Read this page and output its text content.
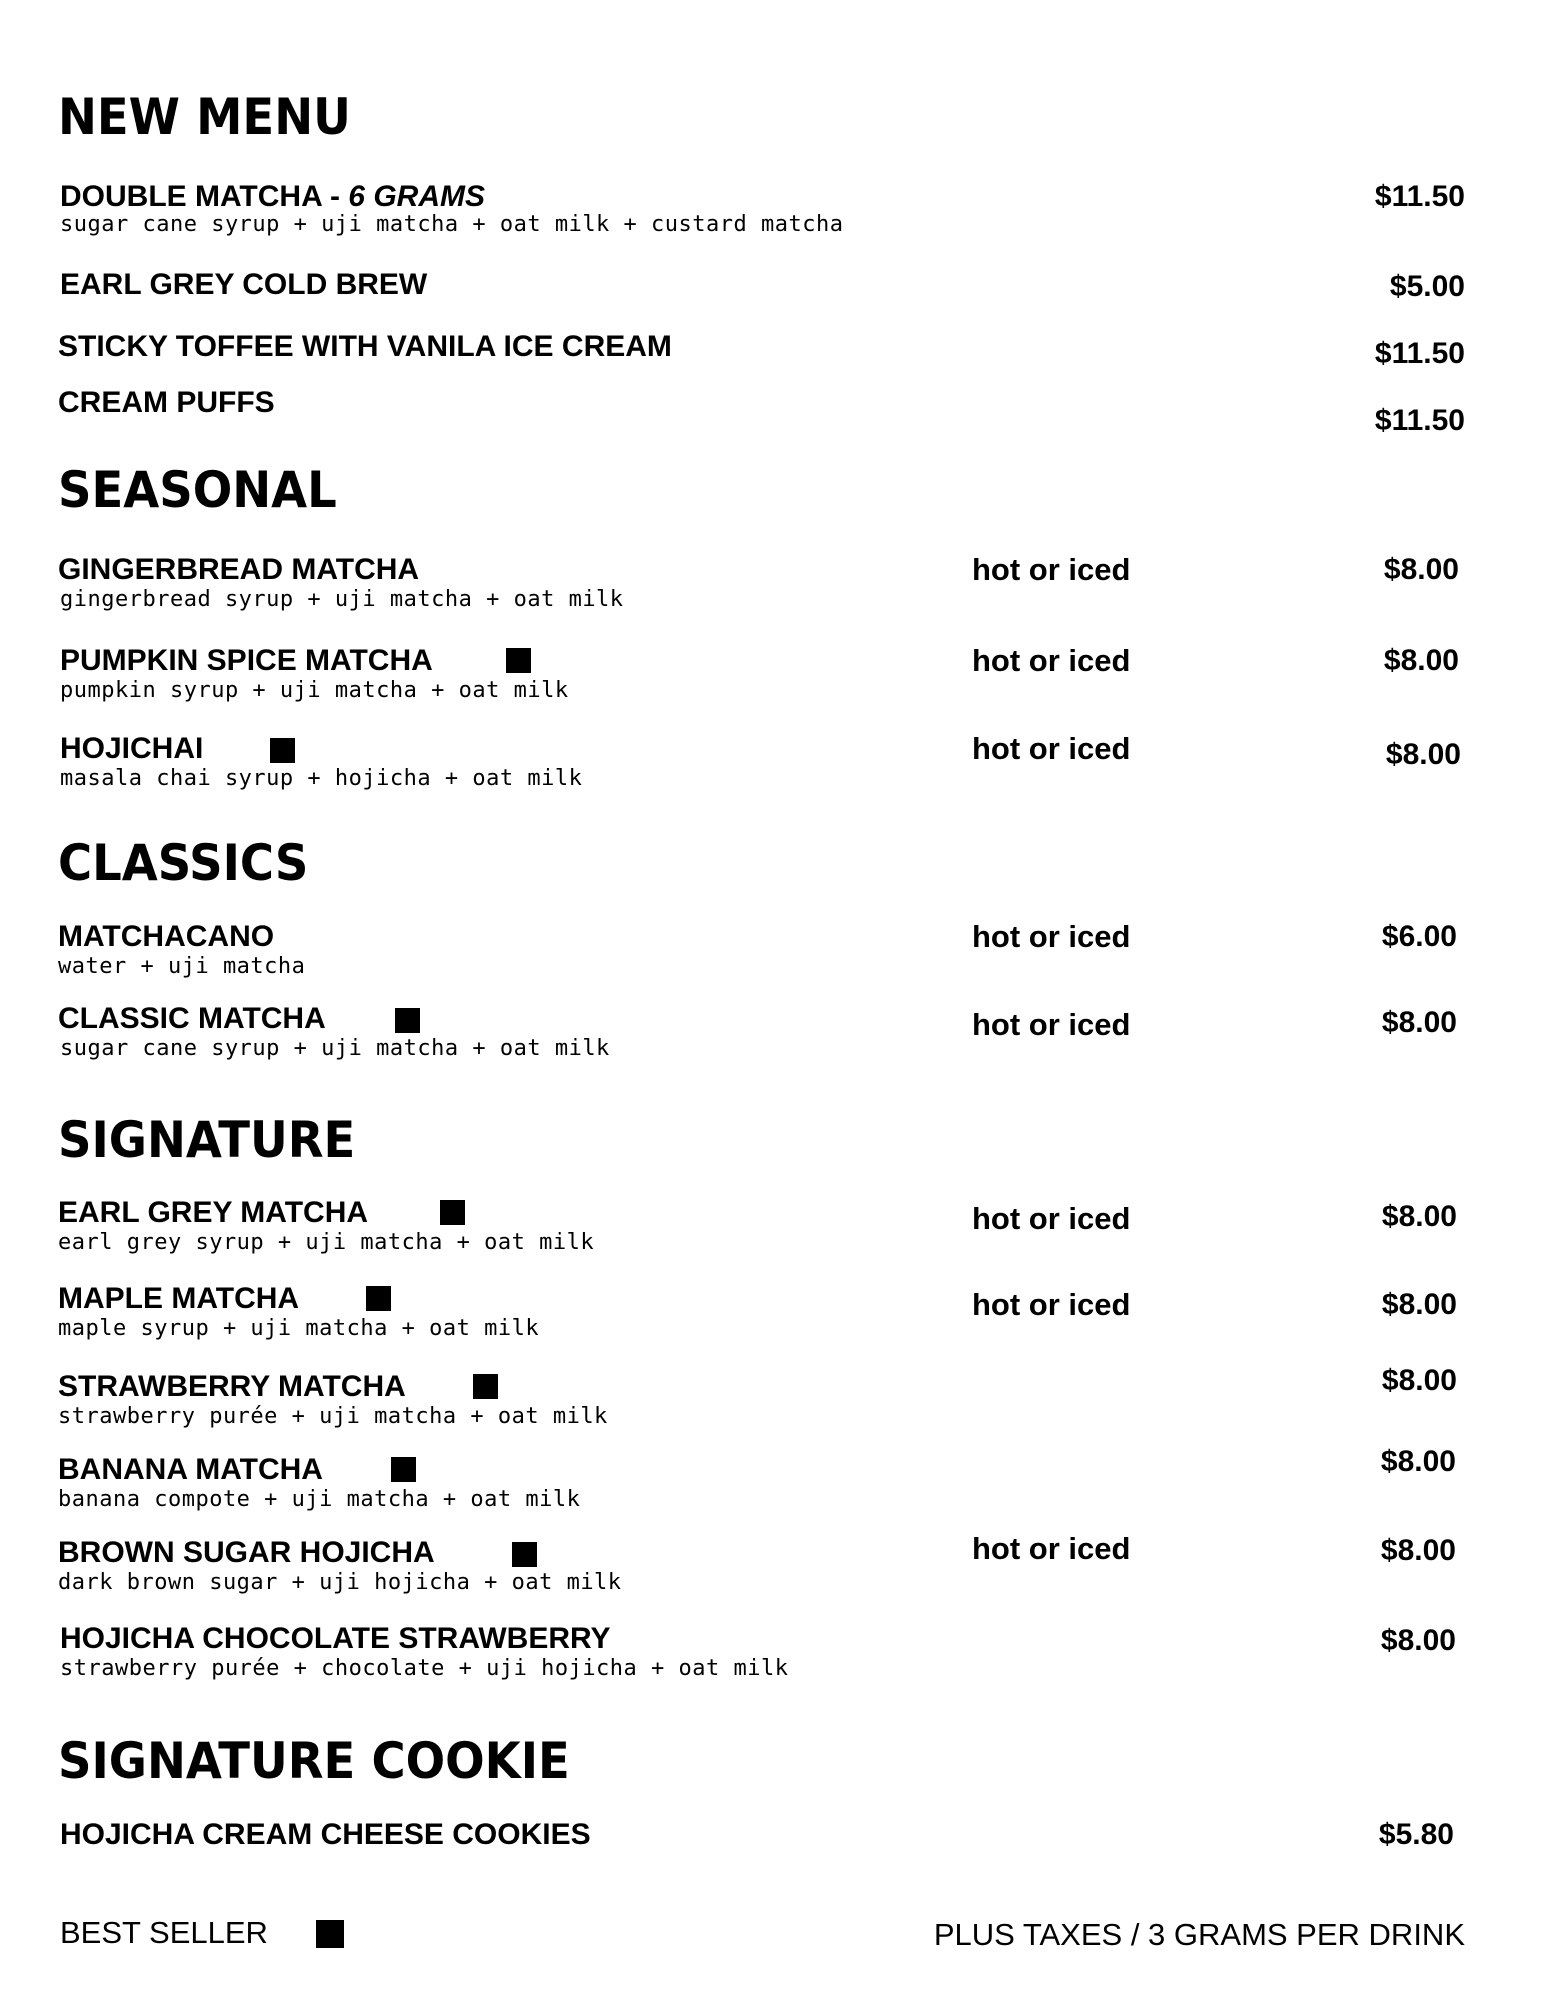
NEW MENU
DOUBLE MATCHA - 6 GRAMS
sugar cane syrup + uji matcha + oat milk + custard matcha
$11.50
EARL GREY COLD BREW	$5.00
STICKY TOFFEE WITH VANILA ICE CREAM	$11.50
CREAM PUFFS
$11.50
SEASONAL
GINGERBREAD MATCHA
gingerbread syrup + uji matcha + oat milk
hot or iced	$8.00
PUMPKIN SPICE MATCHA
pumpkin syrup + uji matcha + oat milk
hot or iced	$8.00
HOJICHAI
masala chai syrup + hojicha + oat milk
hot or iced	$8.00
CLASSICS
MATCHACANO
water + uji matcha
hot or iced	$6.00
CLASSIC MATCHA
sugar cane syrup + uji matcha + oat milk
hot or iced	$8.00
SIGNATURE
EARL GREY MATCHA
earl grey syrup + uji matcha + oat milk
hot or iced	$8.00
MAPLE MATCHA
maple syrup + uji matcha + oat milk
hot or iced	$8.00
STRAWBERRY MATCHA
strawberry purée + uji matcha + oat milk
$8.00
BANANA MATCHA
banana compote + uji matcha + oat milk
$8.00
BROWN SUGAR HOJICHA
dark brown sugar + uji hojicha + oat milk
hot or iced	$8.00
HOJICHA CHOCOLATE STRAWBERRY
strawberry purée + chocolate + uji hojicha + oat milk
$8.00
SIGNATURE COOKIE
HOJICHA CREAM CHEESE COOKIES	$5.80
BEST SELLER	PLUS TAXES / 3 GRAMS PER DRINK
